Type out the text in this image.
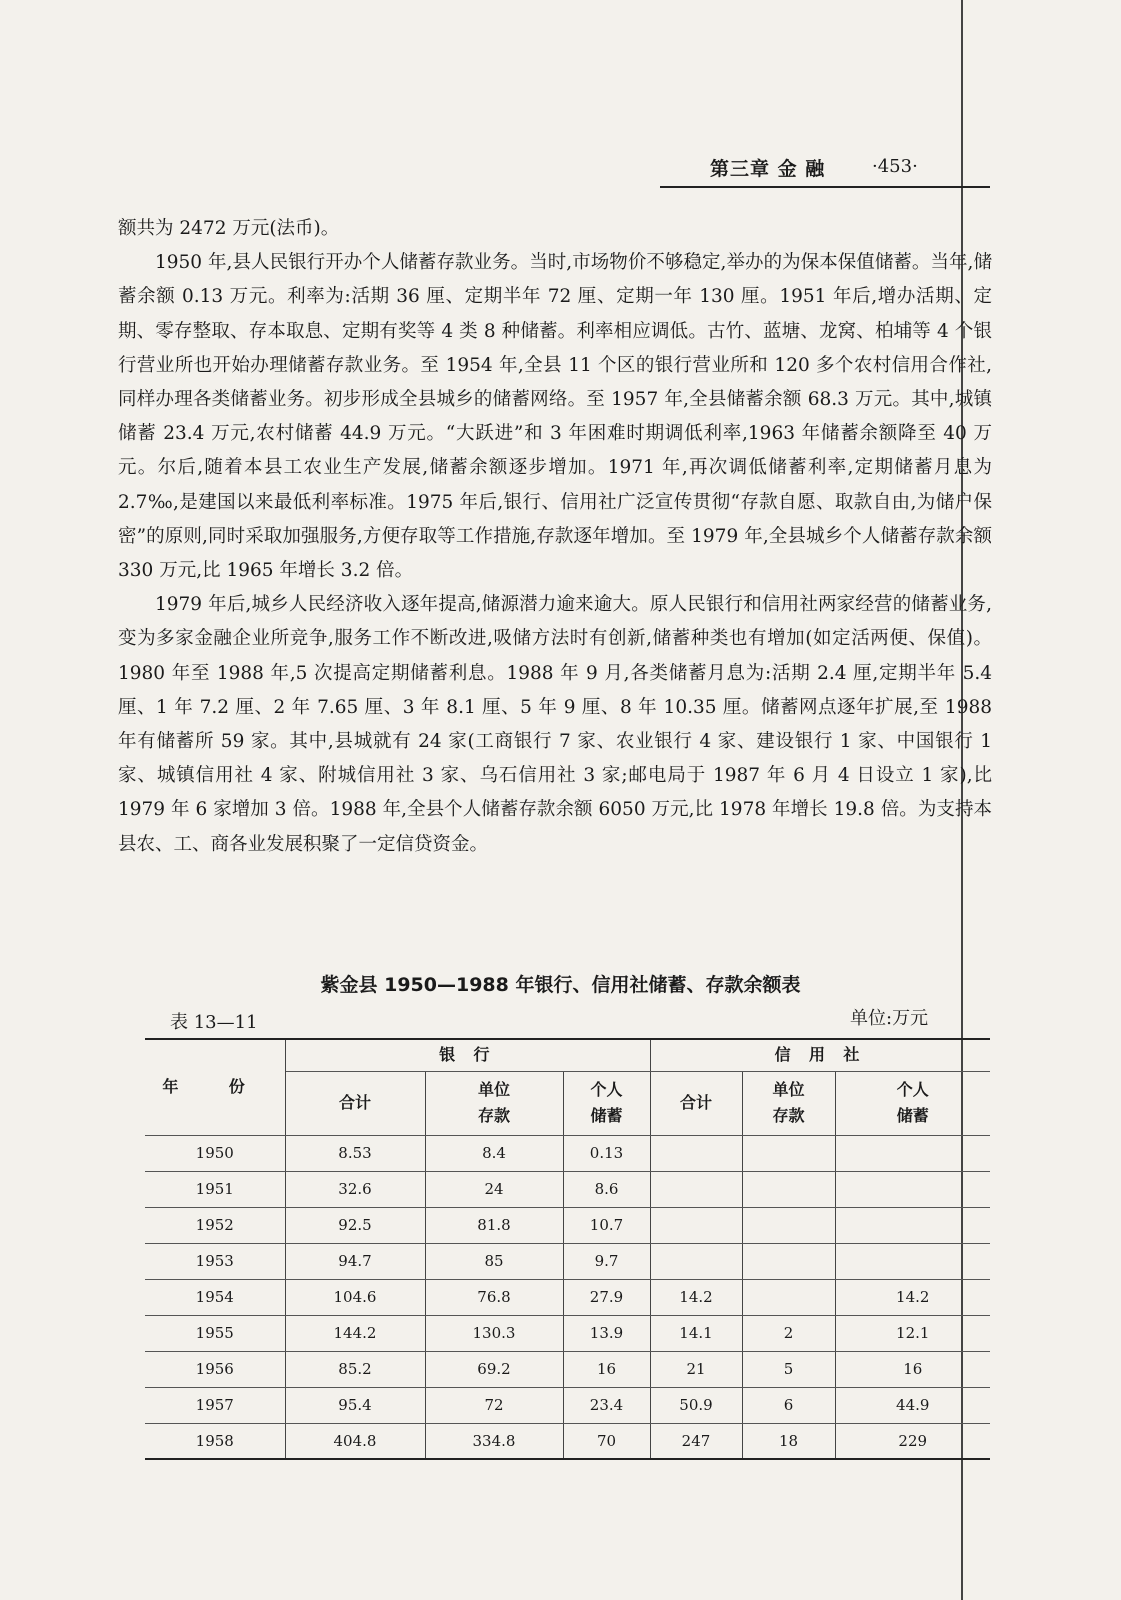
第三章 金 融	·453·

额共为 2472 万元(法币)。

1950 年,县人民银行开办个人储蓄存款业务。当时,市场物价不够稳定,举办的为保本保值储蓄。当年,储蓄余额 0.13 万元。利率为:活期 36 厘、定期半年 72 厘、定期一年 130 厘。1951 年后,增办活期、定期、零存整取、存本取息、定期有奖等 4 类 8 种储蓄。利率相应调低。古竹、蓝塘、龙窝、柏埔等 4 个银行营业所也开始办理储蓄存款业务。至 1954 年,全县 11 个区的银行营业所和 120 多个农村信用合作社,同样办理各类储蓄业务。初步形成全县城乡的储蓄网络。至 1957 年,全县储蓄余额 68.3 万元。其中,城镇储蓄 23.4 万元,农村储蓄 44.9 万元。“大跃进”和 3 年困难时期调低利率,1963 年储蓄余额降至 40 万元。尔后,随着本县工农业生产发展,储蓄余额逐步增加。1971 年,再次调低储蓄利率,定期储蓄月息为 2.7‰,是建国以来最低利率标准。1975 年后,银行、信用社广泛宣传贯彻“存款自愿、取款自由,为储户保密”的原则,同时采取加强服务,方便存取等工作措施,存款逐年增加。至 1979 年,全县城乡个人储蓄存款余额 330 万元,比 1965 年增长 3.2 倍。

1979 年后,城乡人民经济收入逐年提高,储源潜力逾来逾大。原人民银行和信用社两家经营的储蓄业务,变为多家金融企业所竞争,服务工作不断改进,吸储方法时有创新,储蓄种类也有增加(如定活两便、保值)。1980 年至 1988 年,5 次提高定期储蓄利息。1988 年 9 月,各类储蓄月息为:活期 2.4 厘,定期半年 5.4 厘、1 年 7.2 厘、2 年 7.65 厘、3 年 8.1 厘、5 年 9 厘、8 年 10.35 厘。储蓄网点逐年扩展,至 1988 年有储蓄所 59 家。其中,县城就有 24 家(工商银行 7 家、农业银行 4 家、建设银行 1 家、中国银行 1 家、城镇信用社 4 家、附城信用社 3 家、乌石信用社 3 家;邮电局于 1987 年 6 月 4 日设立 1 家),比 1979 年 6 家增加 3 倍。1988 年,全县个人储蓄存款余额 6050 万元,比 1978 年增长 19.8 倍。为支持本县农、工、商各业发展积聚了一定信贷资金。

紫金县 1950—1988 年银行、信用社储蓄、存款余额表
表 13—11	单位:万元
年 份	银 行			信 用 社		
	合计	单位存款	个人储蓄	合计	单位存款	个人储蓄

1950	8.53	8.4	0.13			
1951	32.6	24	8.6			
1952	92.5	81.8	10.7			
1953	94.7	85	9.7			
1954	104.6	76.8	27.9	14.2		14.2
1955	144.2	130.3	13.9	14.1	2	12.1
1956	85.2	69.2	16	21	5	16
1957	95.4	72	23.4	50.9	6	44.9
1958	404.8	334.8	70	247	18	229
